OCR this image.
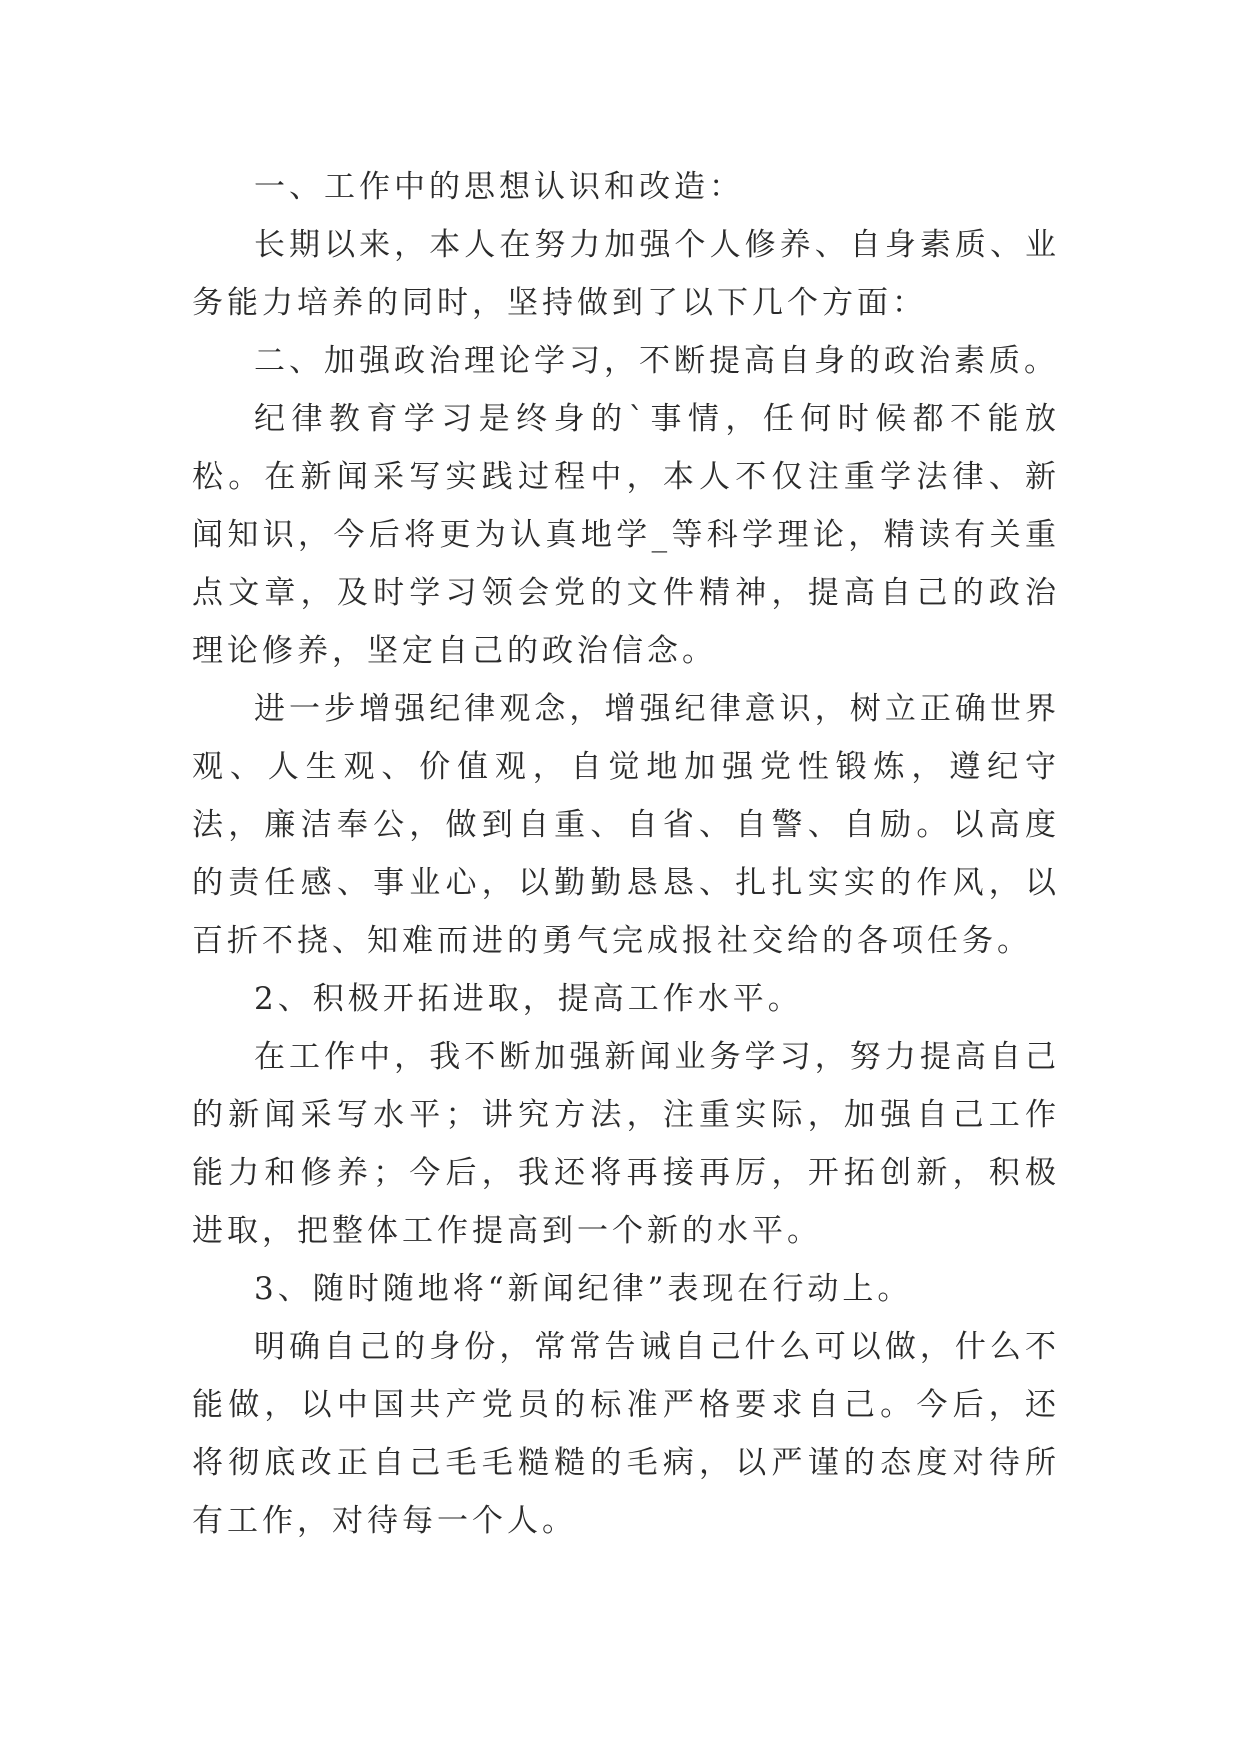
一、工作中的思想认识和改造：

长期以来，本人在努力加强个人修养、自身素质、业务能力培养的同时，坚持做到了以下几个方面：

二、加强政治理论学习，不断提高自身的政治素质。

纪律教育学习是终身的`事情，任何时候都不能放松。在新闻采写实践过程中，本人不仅注重学法律、新闻知识，今后将更为认真地学_等科学理论，精读有关重点文章，及时学习领会党的文件精神，提高自己的政治理论修养，坚定自己的政治信念。

进一步增强纪律观念，增强纪律意识，树立正确世界观、人生观、价值观，自觉地加强党性锻炼，遵纪守法，廉洁奉公，做到自重、自省、自警、自励。以高度的责任感、事业心，以勤勤恳恳、扎扎实实的作风，以百折不挠、知难而进的勇气完成报社交给的各项任务。

2、积极开拓进取，提高工作水平。

在工作中，我不断加强新闻业务学习，努力提高自己的新闻采写水平；讲究方法，注重实际，加强自己工作能力和修养；今后，我还将再接再厉，开拓创新，积极进取，把整体工作提高到一个新的水平。

3、随时随地将“新闻纪律”表现在行动上。

明确自己的身份，常常告诫自己什么可以做，什么不能做，以中国共产党员的标准严格要求自己。今后，还将彻底改正自己毛毛糙糙的毛病，以严谨的态度对待所有工作，对待每一个人。
